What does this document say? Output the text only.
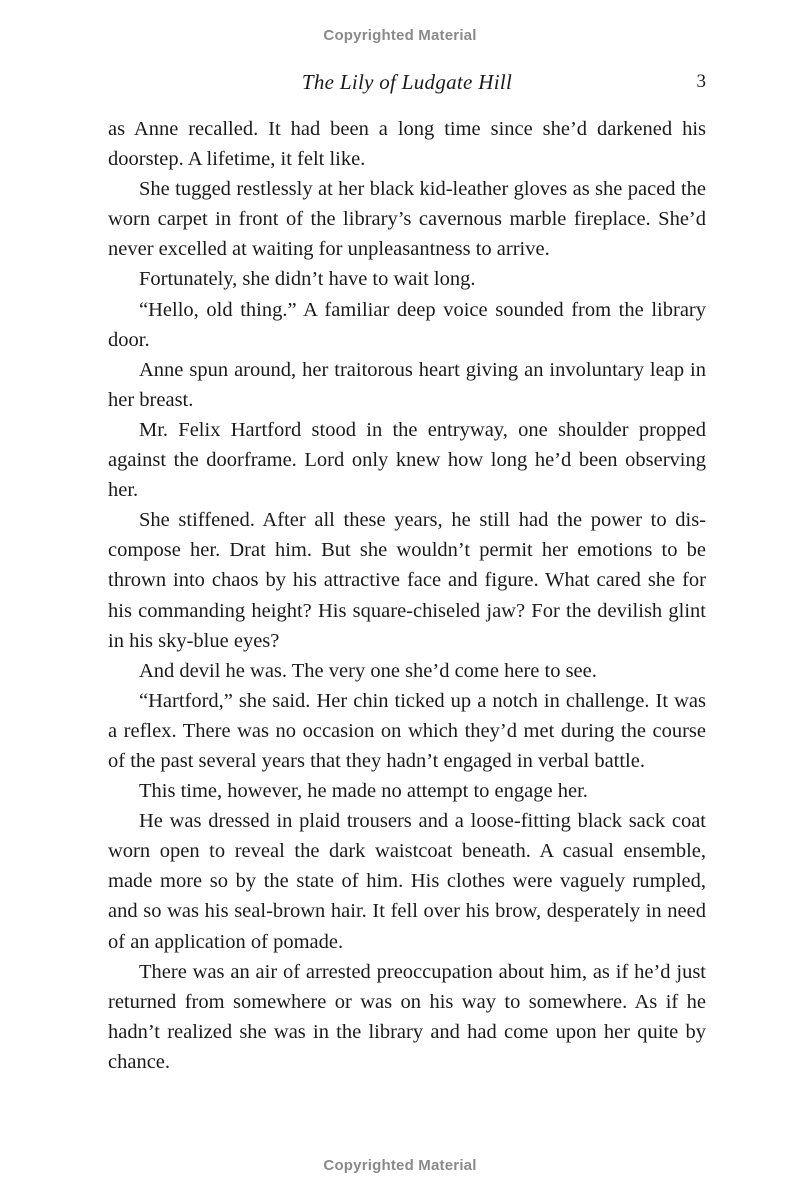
Copyrighted Material
The Lily of Ludgate Hill	3

as Anne recalled. It had been a long time since she’d darkened his doorstep. A lifetime, it felt like.

She tugged restlessly at her black kid-leather gloves as she paced the worn carpet in front of the library’s cavernous marble fireplace. She’d never excelled at waiting for unpleasantness to arrive.

Fortunately, she didn’t have to wait long.

“Hello, old thing.” A familiar deep voice sounded from the library door.

Anne spun around, her traitorous heart giving an involuntary leap in her breast.

Mr. Felix Hartford stood in the entryway, one shoulder propped against the doorframe. Lord only knew how long he’d been observing her.

She stiffened. After all these years, he still had the power to discompose her. Drat him. But she wouldn’t permit her emotions to be thrown into chaos by his attractive face and figure. What cared she for his commanding height? His square-chiseled jaw? For the devilish glint in his sky-blue eyes?

And devil he was. The very one she’d come here to see.

“Hartford,” she said. Her chin ticked up a notch in challenge. It was a reflex. There was no occasion on which they’d met during the course of the past several years that they hadn’t engaged in verbal battle.

This time, however, he made no attempt to engage her.

He was dressed in plaid trousers and a loose-fitting black sack coat worn open to reveal the dark waistcoat beneath. A casual ensemble, made more so by the state of him. His clothes were vaguely rumpled, and so was his seal-brown hair. It fell over his brow, desperately in need of an application of pomade.

There was an air of arrested preoccupation about him, as if he’d just returned from somewhere or was on his way to somewhere. As if he hadn’t realized she was in the library and had come upon her quite by chance.

Copyrighted Material
